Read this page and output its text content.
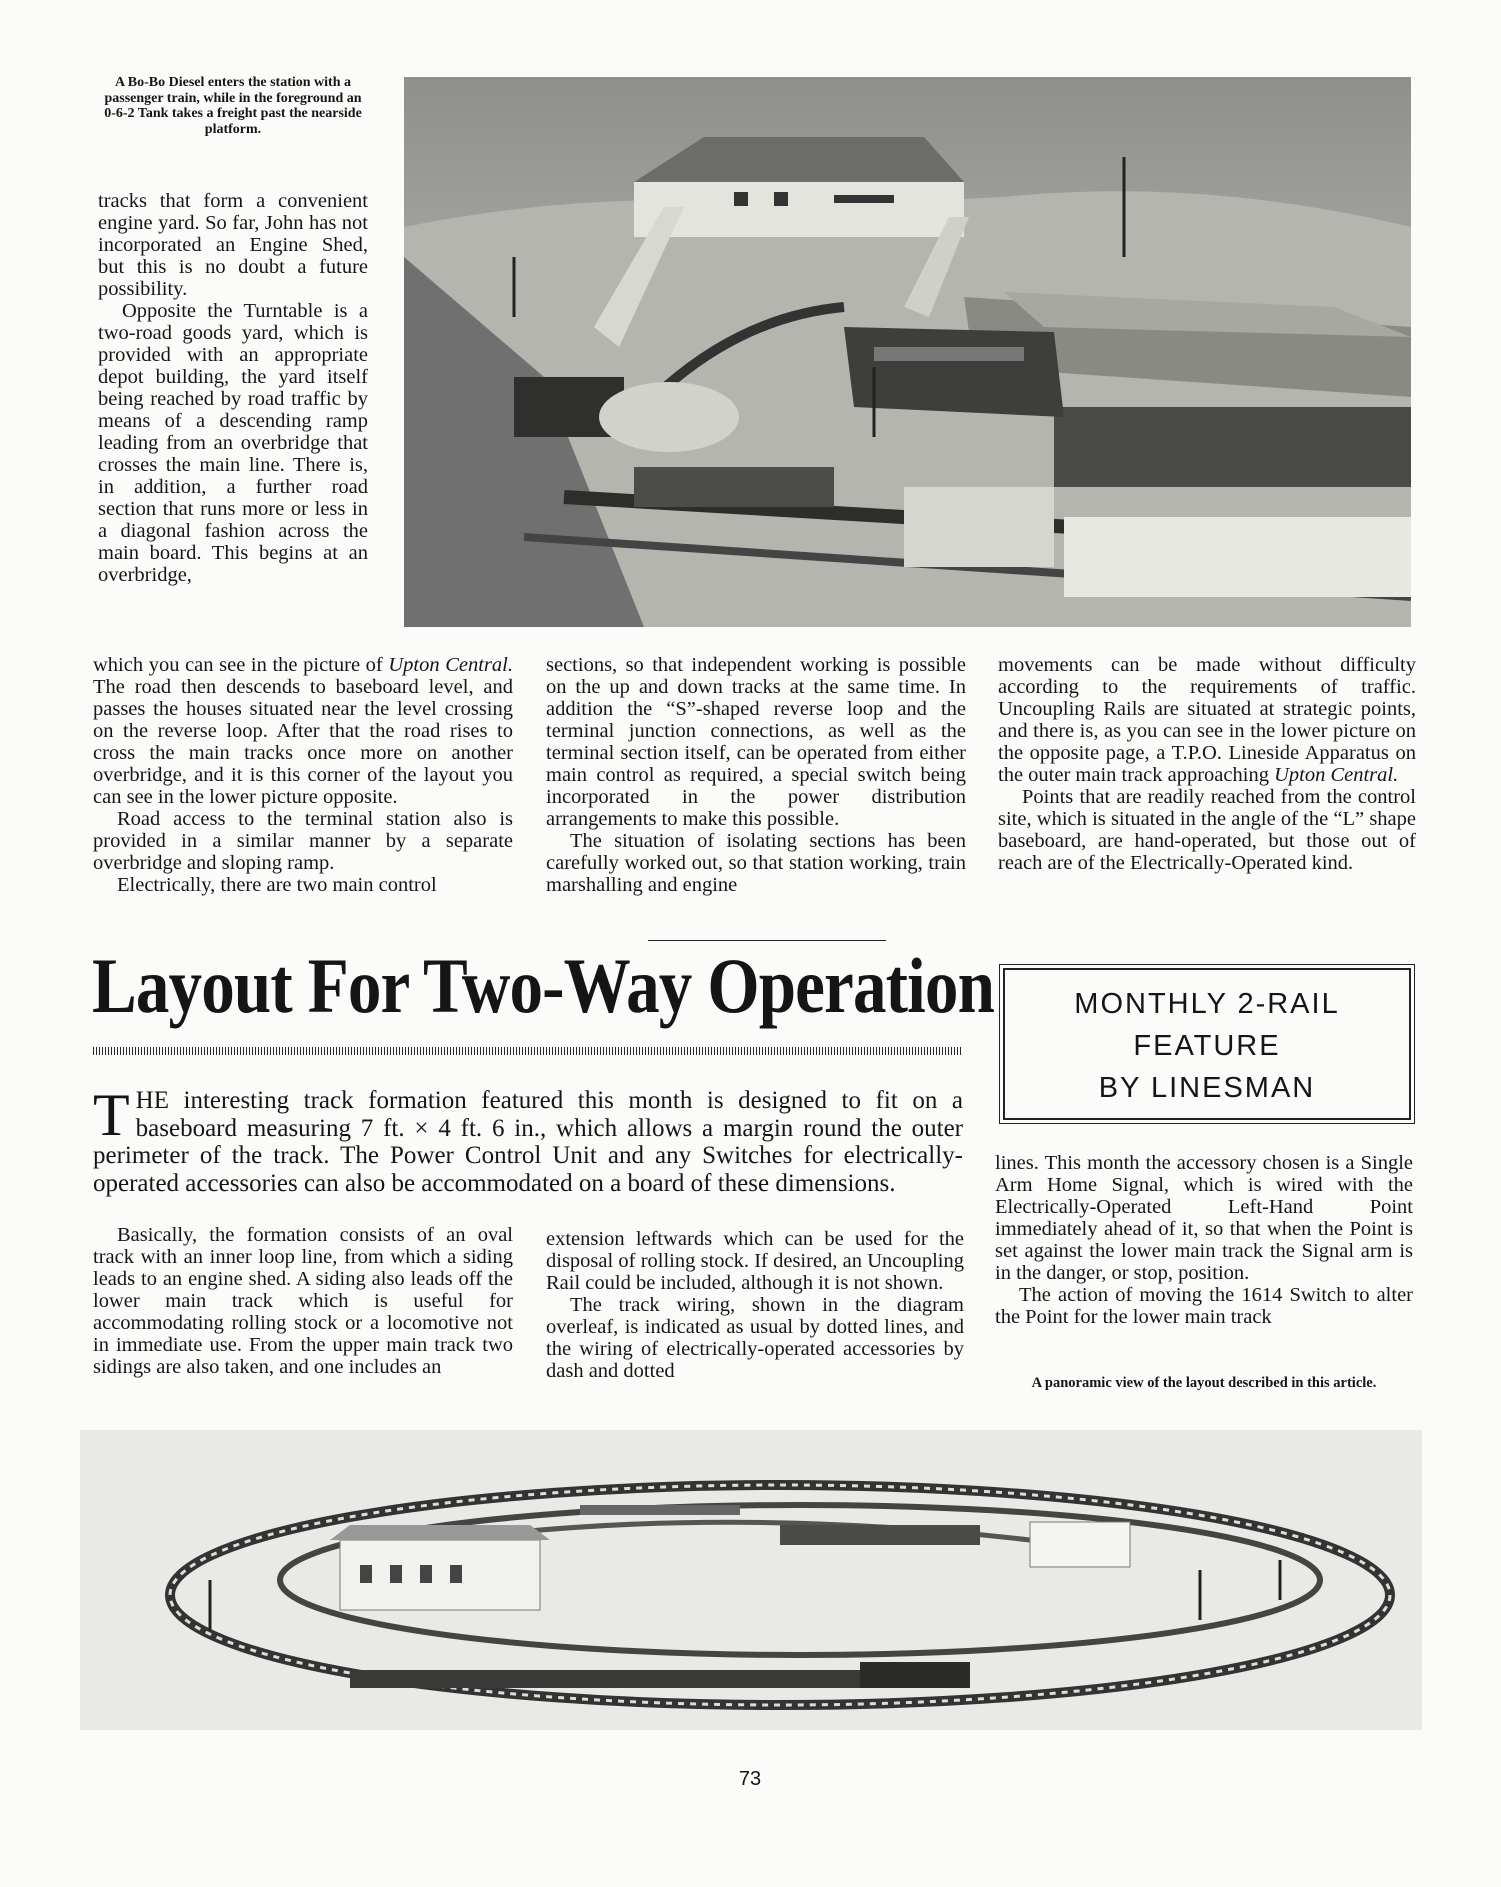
A Bo-Bo Diesel enters the station with a passenger train, while in the foreground an 0-6-2 Tank takes a freight past the nearside platform.

tracks that form a convenient engine yard. So far, John has not incorporated an Engine Shed, but this is no doubt a future possibility.

Opposite the Turntable is a two-road goods yard, which is provided with an appropriate depot building, the yard itself being reached by road traffic by means of a descending ramp leading from an overbridge that crosses the main line. There is, in addition, a further road section that runs more or less in a diagonal fashion across the main board. This begins at an overbridge,

which you can see in the picture of Upton Central. The road then descends to baseboard level, and passes the houses situated near the level crossing on the reverse loop. After that the road rises to cross the main tracks once more on another overbridge, and it is this corner of the layout you can see in the lower picture opposite.

Road access to the terminal station also is provided in a similar manner by a separate overbridge and sloping ramp.

Electrically, there are two main control

sections, so that independent working is possible on the up and down tracks at the same time. In addition the “S”-shaped reverse loop and the terminal junction connections, as well as the terminal section itself, can be operated from either main control as required, a special switch being incorporated in the power distribution arrangements to make this possible.

The situation of isolating sections has been carefully worked out, so that station working, train marshalling and engine

movements can be made without difficulty according to the requirements of traffic. Uncoupling Rails are situated at strategic points, and there is, as you can see in the lower picture on the opposite page, a T.P.O. Lineside Apparatus on the outer main track approaching Upton Central.

Points that are readily reached from the control site, which is situated in the angle of the “L” shape baseboard, are hand-operated, but those out of reach are of the Electrically-Operated kind.

Layout For Two-Way Operation	MONTHLY 2-RAIL
FEATURE
BY LINESMAN
THE interesting track formation featured this month is designed to fit on a baseboard measuring 7 ft. × 4 ft. 6 in., which allows a margin round the outer perimeter of the track. The Power Control Unit and any Switches for electrically-operated accessories can also be accommodated on a board of these dimensions.

Basically, the formation consists of an oval track with an inner loop line, from which a siding leads to an engine shed. A siding also leads off the lower main track which is useful for accommodating rolling stock or a locomotive not in immediate use. From the upper main track two sidings are also taken, and one includes an

extension leftwards which can be used for the disposal of rolling stock. If desired, an Uncoupling Rail could be included, although it is not shown.

The track wiring, shown in the diagram overleaf, is indicated as usual by dotted lines, and the wiring of electrically-operated accessories by dash and dotted

lines. This month the accessory chosen is a Single Arm Home Signal, which is wired with the Electrically-Operated Left-Hand Point immediately ahead of it, so that when the Point is set against the lower main track the Signal arm is in the danger, or stop, position.

The action of moving the 1614 Switch to alter the Point for the lower main track

A panoramic view of the layout described in this article.
73
